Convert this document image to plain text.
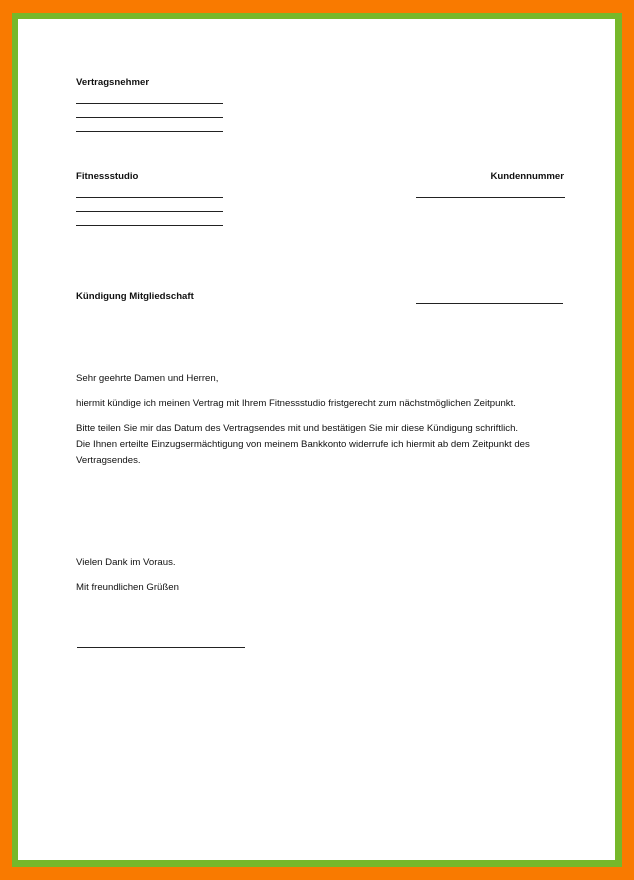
Vertragsnehmer
Fitnessstudio	Kundennummer
Kündigung Mitgliedschaft
Sehr geehrte Damen und Herren,
hiermit kündige ich meinen Vertrag mit Ihrem Fitnessstudio fristgerecht zum nächstmöglichen Zeitpunkt.
Bitte teilen Sie mir das Datum des Vertragsendes mit und bestätigen Sie mir diese Kündigung schriftlich.
Die Ihnen erteilte Einzugsermächtigung von meinem Bankkonto widerrufe ich hiermit ab dem Zeitpunkt des
Vertragsendes.
Vielen Dank im Voraus.
Mit freundlichen Grüßen
